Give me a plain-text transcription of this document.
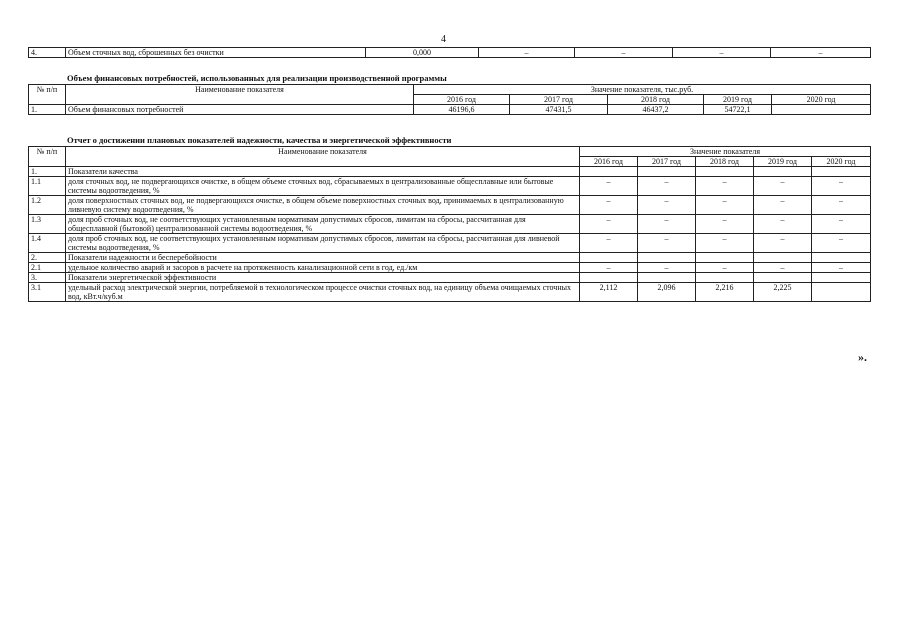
4
4.	Объем сточных вод, сброшенных без очистки	0,000	–	–	–	–
Объем финансовых потребностей, использованных для реализации производственной программы
№ п/п	Наименование показателя	Значение показателя, тыс.руб.				
		2016 год	2017 год	2018 год	2019 год	2020 год
1.	Объем финансовых потребностей	46196,6	47431,5	46437,2	54722,1	
Отчет о достижении плановых показателей надежности, качества и энергетической эффективности
№ п/п	Наименование показателя	Значение показателя				
		2016 год	2017 год	2018 год	2019 год	2020 год
1.	Показатели качества					
1.1	доля сточных вод, не подвергающихся очистке, в общем объеме сточных вод, сбрасываемых в централизованные общесплавные или бытовые системы водоотведения, %	–	–	–	–	–
1.2	доля поверхностных сточных вод, не подвергающихся очистке, в общем объеме поверхностных сточных вод, принимаемых в централизованную ливневую систему водоотведения, %	–	–	–	–	–
1.3	доля проб сточных вод, не соответствующих установленным нормативам допустимых сбросов, лимитам на сбросы, рассчитанная для общесплавной (бытовой) централизованной системы водоотведения, %	–	–	–	–	–
1.4	доля проб сточных вод, не соответствующих установленным нормативам допустимых сбросов, лимитам на сбросы, рассчитанная для ливневой системы водоотведения, %	–	–	–	–	–
2.	Показатели надежности и бесперебойности					
2.1	удельное количество аварий и засоров в расчете на протяженность канализационной сети в год, ед./км	–	–	–	–	–
3.	Показатели энергетической эффективности					
3.1	удельный расход электрической энергии, потребляемой в технологическом процессе очистки сточных вод, на единицу объема очищаемых сточных вод, кВт.ч/куб.м	2,112	2,096	2,216	2,225	
».
